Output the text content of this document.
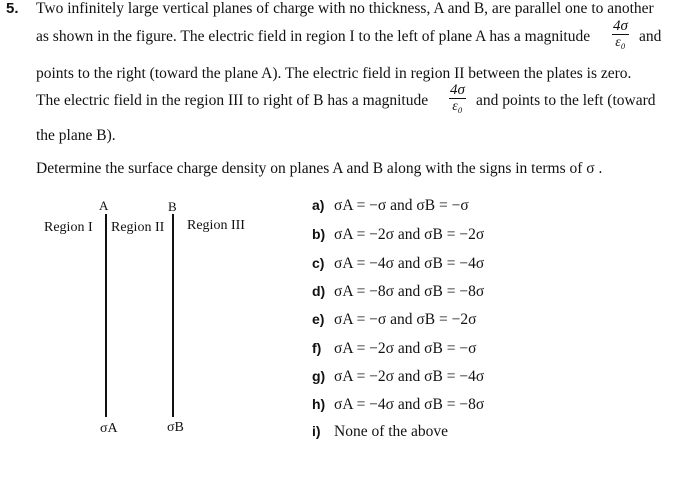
5. Two infinitely large vertical planes of charge with no thickness, A and B, are parallel one to another
as shown in the figure. The electric field in region I to the left of plane A has a magnitude $\frac{4\sigma}{\text{ε₀}}$ and
points to the right (toward the plane A). The electric field in region II between the plates is zero.
The electric field in the region III to right of B has a magnitude $\frac{4\sigma}{\text{ε₀}}$ and points to the left (toward
the plane B).
Determine the surface charge density on planes A and B along with the signs in terms of σ .
A	B
Region I Region II Region III
σA	σB
a) σA = −σ and σB = −σ
b) σA = −2σ and σB = −2σ
c) σA = −4σ and σB = −4σ
d) σA = −8σ and σB = −8σ
e) σA = −σ and σB = −2σ
f) σA = −2σ and σB = −σ
g) σA = −2σ and σB = −4σ
h) σA = −4σ and σB = −8σ
i) None of the above
